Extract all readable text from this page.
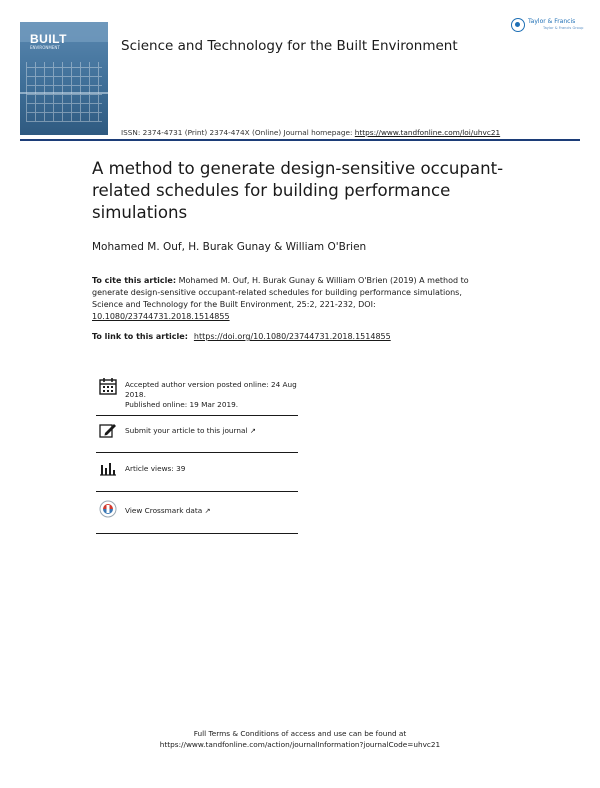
BUILT
ENVIRONMENT	Science and Technology for the Built Environment
Taylor & Francis
Taylor & Francis Group
ISSN: 2374-4731 (Print) 2374-474X (Online) Journal homepage: https://www.tandfonline.com/loi/uhvc21
A method to generate design-sensitive occupant-related schedules for building performance simulations
Mohamed M. Ouf, H. Burak Gunay & William O'Brien
To cite this article: Mohamed M. Ouf, H. Burak Gunay & William O'Brien (2019) A method to generate design-sensitive occupant-related schedules for building performance simulations, Science and Technology for the Built Environment, 25:2, 221-232, DOI: 10.1080/23744731.2018.1514855
To link to this article: https://doi.org/10.1080/23744731.2018.1514855
Accepted author version posted online: 24 Aug 2018.
Published online: 19 Mar 2019.
Submit your article to this journal ↗
Article views: 39
View Crossmark data ↗
Full Terms & Conditions of access and use can be found at
https://www.tandfonline.com/action/journalInformation?journalCode=uhvc21
